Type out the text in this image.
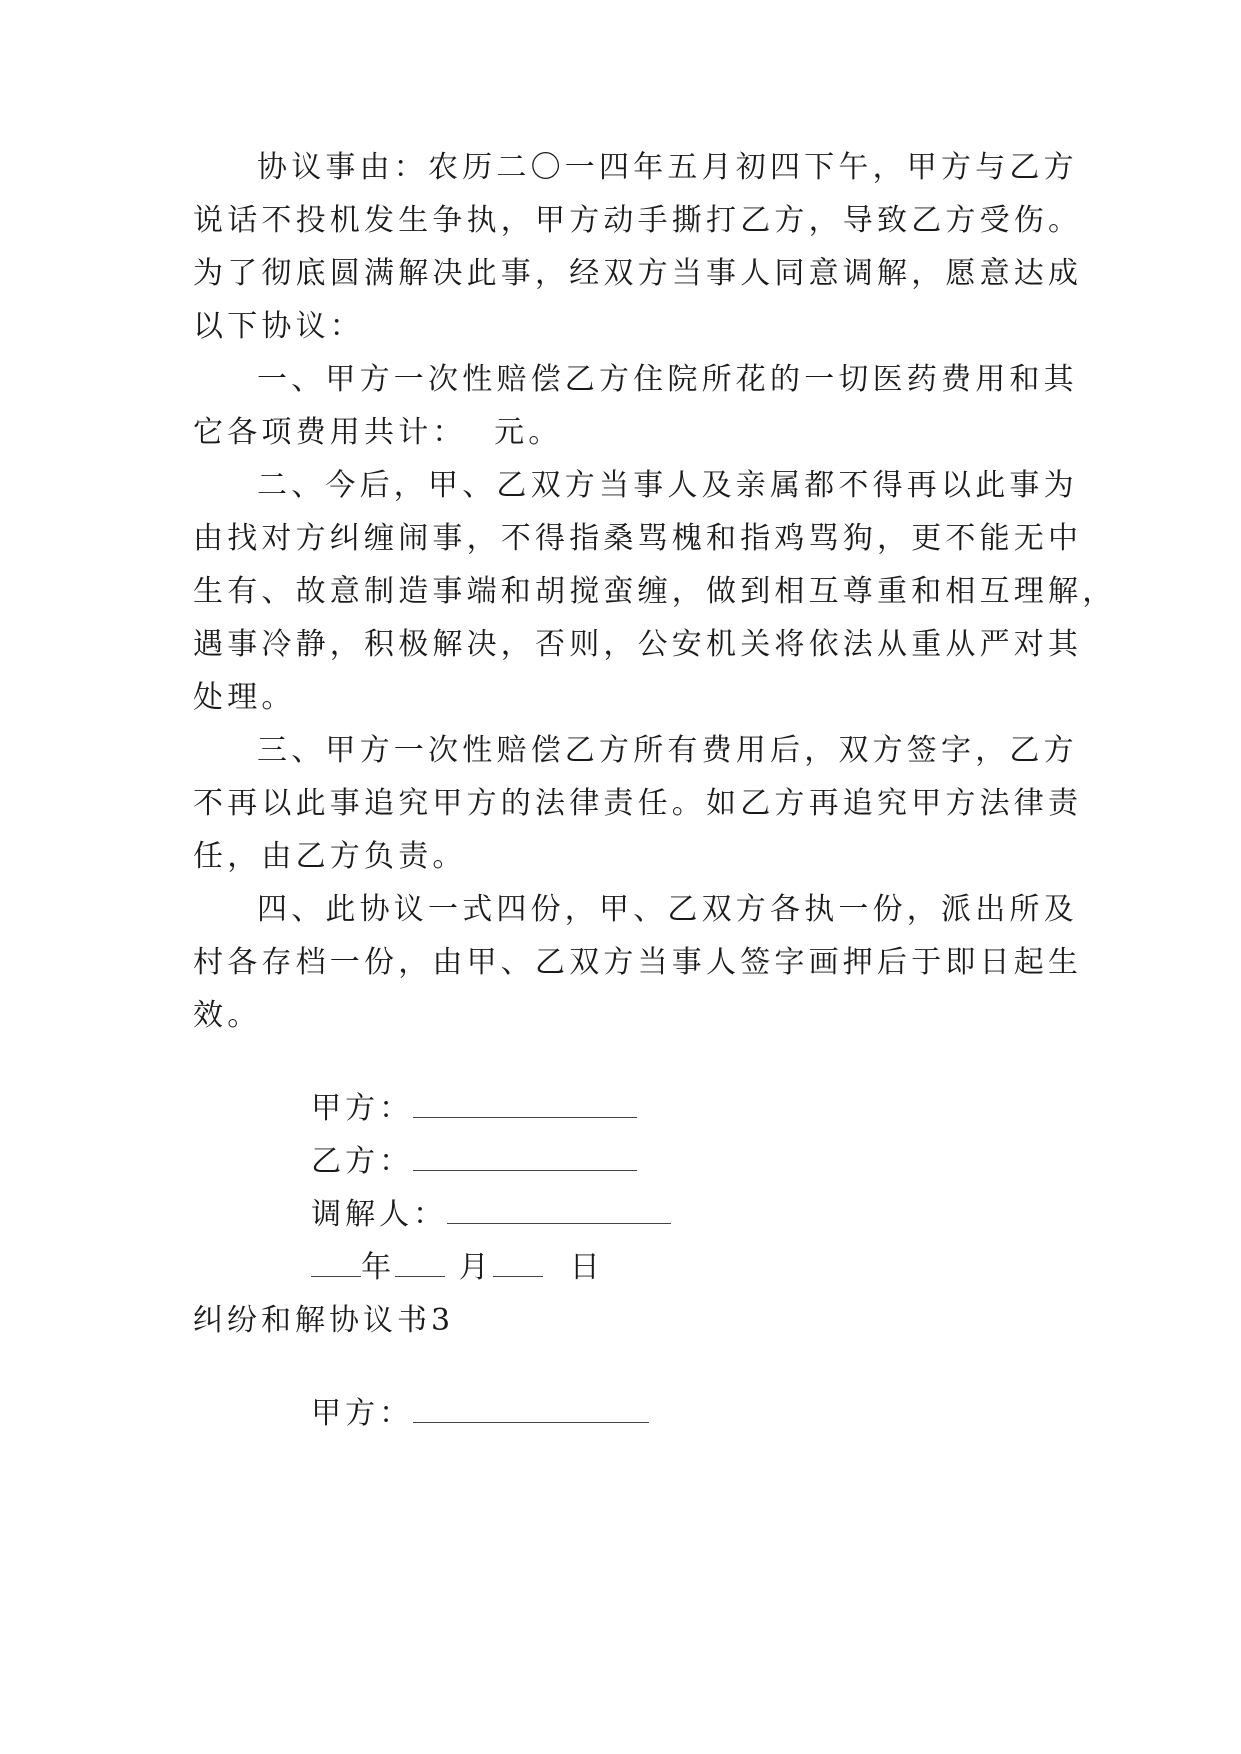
协议事由：农历二〇一四年五月初四下午，甲方与乙方
说话不投机发生争执，甲方动手撕打乙方，导致乙方受伤。
为了彻底圆满解决此事，经双方当事人同意调解，愿意达成
以下协议：
一、甲方一次性赔偿乙方住院所花的一切医药费用和其
它各项费用共计：  元。
二、今后，甲、乙双方当事人及亲属都不得再以此事为
由找对方纠缠闹事，不得指桑骂槐和指鸡骂狗，更不能无中
生有、故意制造事端和胡搅蛮缠，做到相互尊重和相互理解，
遇事冷静，积极解决，否则，公安机关将依法从重从严对其
处理。
三、甲方一次性赔偿乙方所有费用后，双方签字，乙方
不再以此事追究甲方的法律责任。如乙方再追究甲方法律责
任，由乙方负责。
四、此协议一式四份，甲、乙双方各执一份，派出所及
村各存档一份，由甲、乙双方当事人签字画押后于即日起生
效。

甲方：

乙方：

调解人：

年 月	日

纠纷和解协议书3

甲方：
